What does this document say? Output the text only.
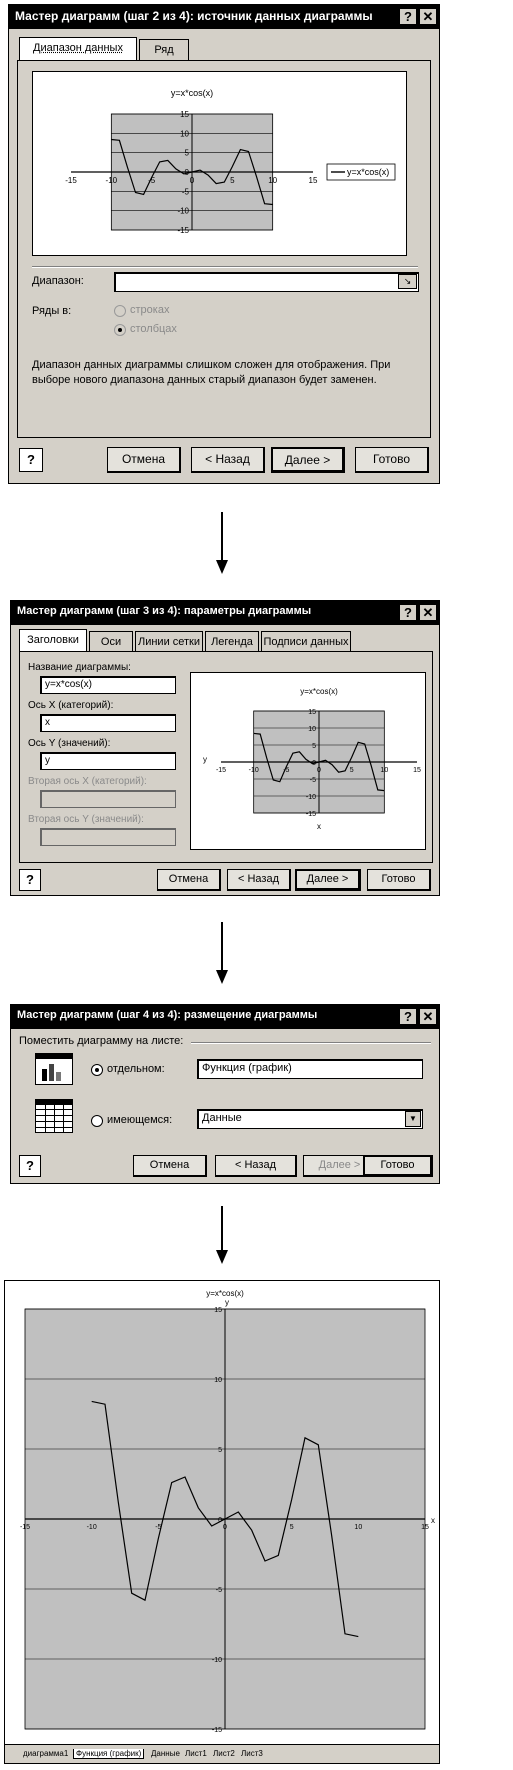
Мастер диаграмм (шаг 2 из 4): источник данных диаграммы	? ✕
Диапазон данных	Ряд
y=x*cos(x)
-15	-10	-5	0	5	10	15
15
10
5
0
-5
-10
-15
y=x*cos(x)
Диапазон:	↘
Ряды в:	строках
столбцах
Диапазон данных диаграммы слишком сложен для отображения. При выборе нового диапазона данных старый диапазон будет заменен.
?	Отмена	< Назад	Далее >	Готово
Мастер диаграмм (шаг 3 из 4): параметры диаграммы	? ✕
Заголовки	Оси	Линии сетки	Легенда Подписи данных
Название диаграммы:
y=x*cos(x)
Ось X (категорий):
x
Ось Y (значений):
y
Вторая ось X (категорий):
Вторая ось Y (значений):
y=x*cos(x)
-15	-10	-5	0	5	10	15
15
10
5
0
-5
-10
-15
x
y
?	Отмена	< Назад	Далее >	Готово
Мастер диаграмм (шаг 4 из 4): размещение диаграммы	? ✕
Поместить диаграмму на листе:
отдельном:	Функция (график)
имеющемся:	Данные	▼
?	Отмена	< Назад	Далее >	Готово
y=x*cos(x)
-15	-10	-5	0	5	10	15
15
10
5
0
-5
-10
-15
x
y
диаграмма1 Функция (график)	Данные Лист1 Лист2 Лист3
